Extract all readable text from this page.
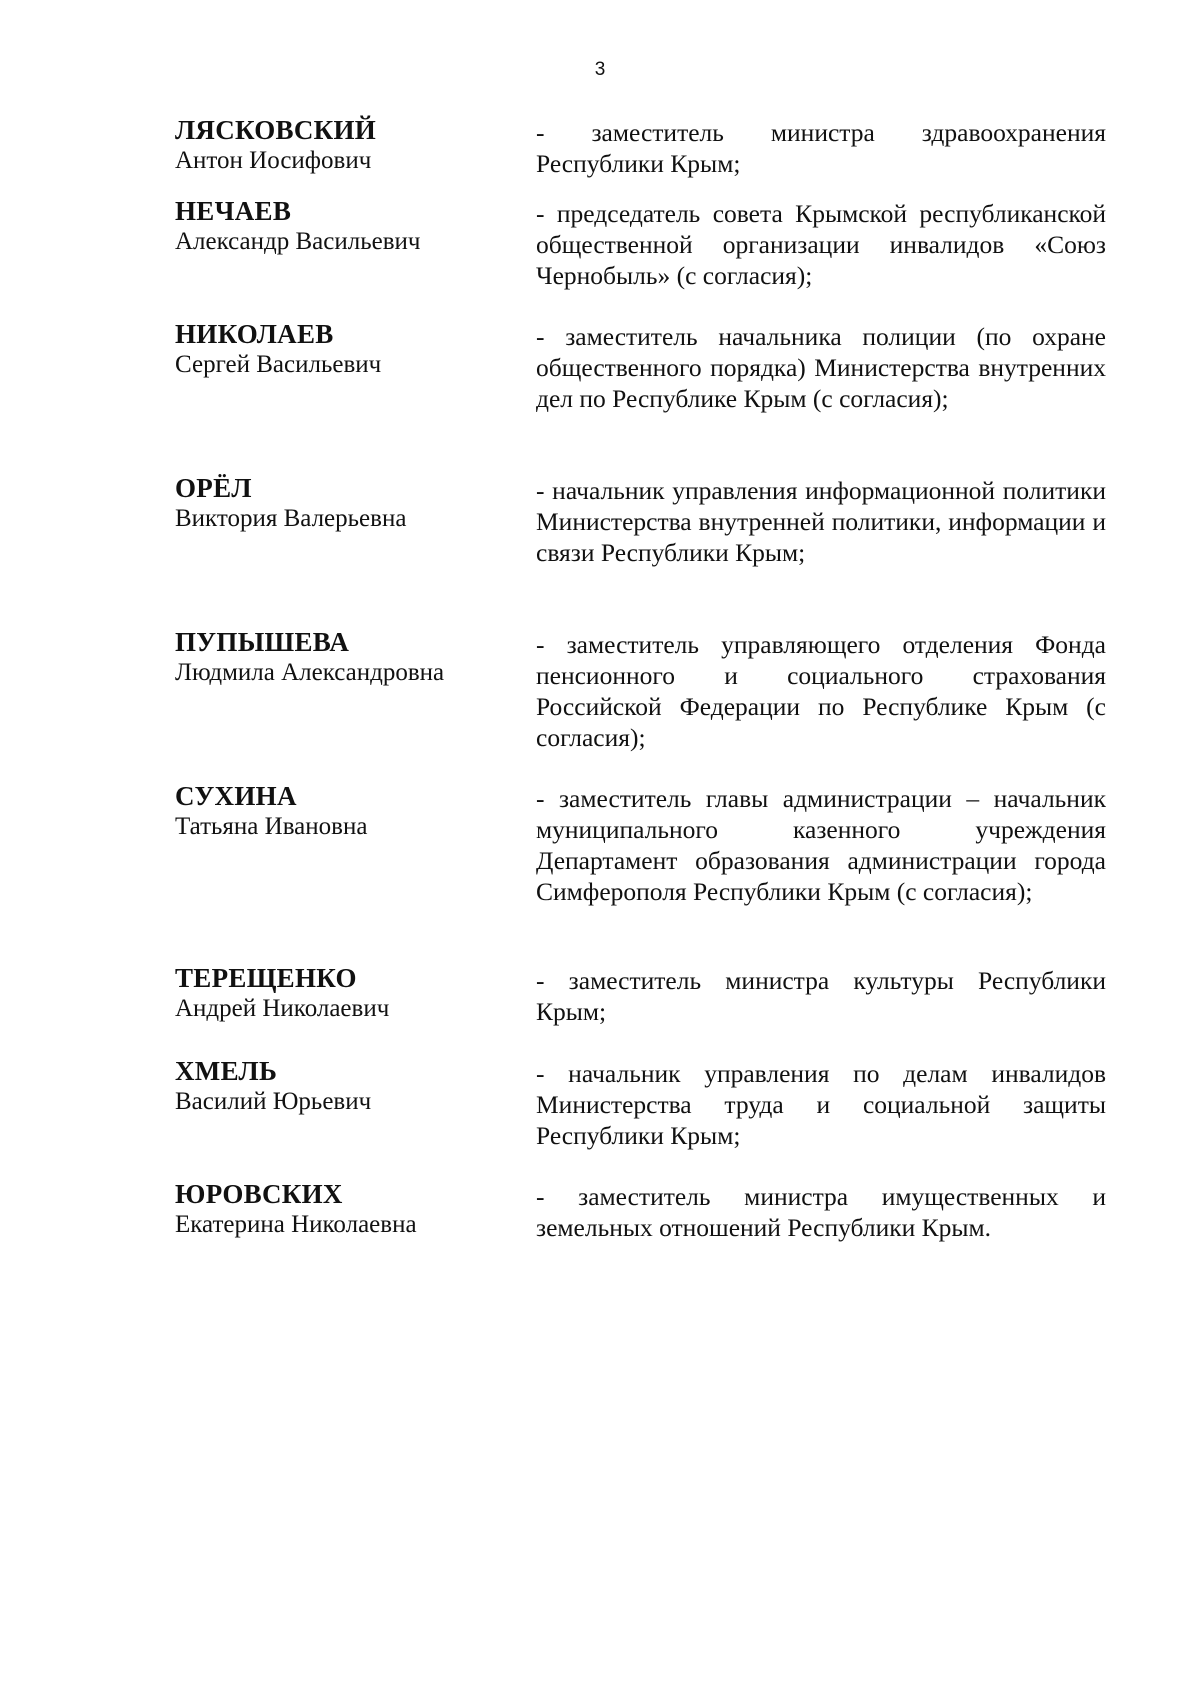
3
ЛЯСКОВСКИЙ
Антон Иосифович
- заместитель министра здравоохранения Республики Крым;
НЕЧАЕВ
Александр Васильевич
- председатель совета Крымской республиканской общественной организации инвалидов «Союз Чернобыль» (с согласия);
НИКОЛАЕВ
Сергей Васильевич
- заместитель начальника полиции (по охране общественного порядка) Министерства внутренних дел по Республике Крым (с согласия);
ОРЁЛ
Виктория Валерьевна
- начальник управления информационной политики Министерства внутренней политики, информации и связи Республики Крым;
ПУПЫШЕВА
Людмила Александровна
- заместитель управляющего отделения Фонда пенсионного и социального страхования Российской Федерации по Республике Крым (с согласия);
СУХИНА
Татьяна Ивановна
- заместитель главы администрации – начальник муниципального казенного учреждения Департамент образования администрации города Симферополя Республики Крым (с согласия);
ТЕРЕЩЕНКО
Андрей Николаевич
- заместитель министра культуры Республики Крым;
ХМЕЛЬ
Василий Юрьевич
- начальник управления по делам инвалидов Министерства труда и социальной защиты Республики Крым;
ЮРОВСКИХ
Екатерина Николаевна
- заместитель министра имущественных и земельных отношений Республики Крым.
